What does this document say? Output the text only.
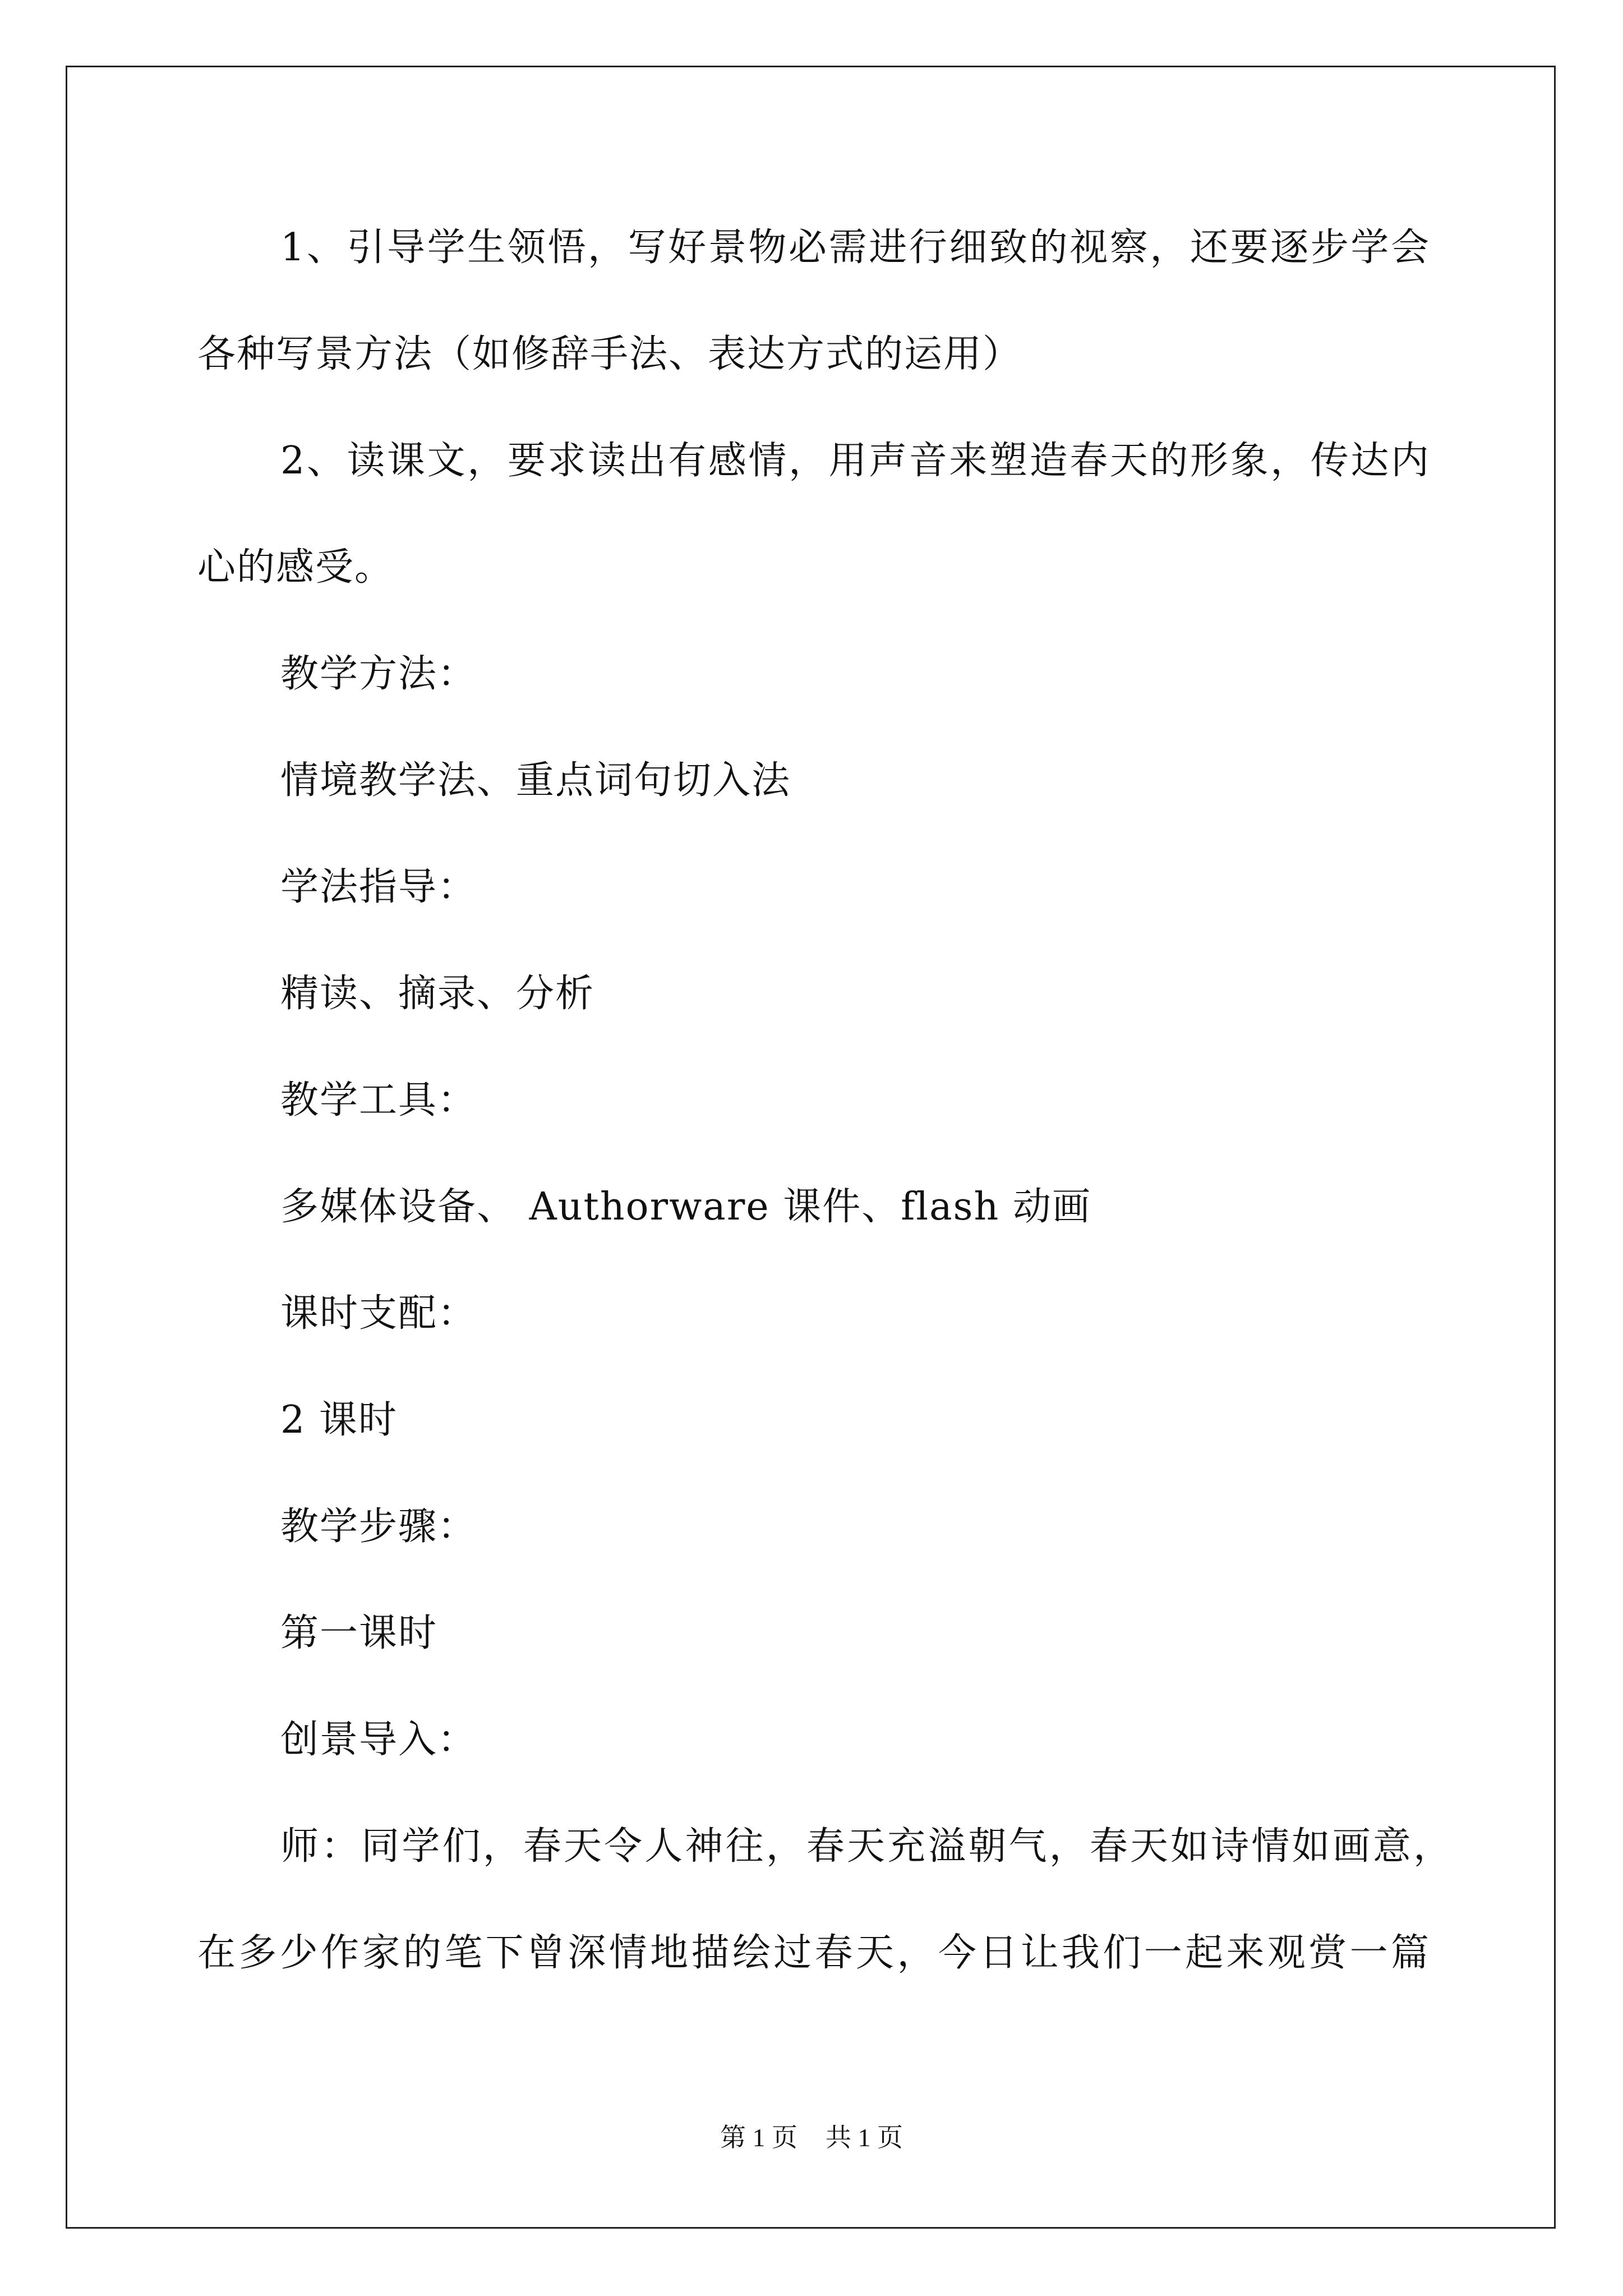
1、引导学生领悟，写好景物必需进行细致的视察，还要逐步学会
各种写景方法（如修辞手法、表达方式的运用）
2、读课文，要求读出有感情，用声音来塑造春天的形象，传达内
心的感受。
教学方法：
情境教学法、重点词句切入法
学法指导：
精读、摘录、分析
教学工具：
多媒体设备、 Authorware 课件、flash 动画
课时支配：
2 课时
教学步骤：
第一课时
创景导入：
师：同学们，春天令人神往，春天充溢朝气，春天如诗情如画意，
在多少作家的笔下曾深情地描绘过春天，今日让我们一起来观赏一篇
第 1 页 共 1 页
